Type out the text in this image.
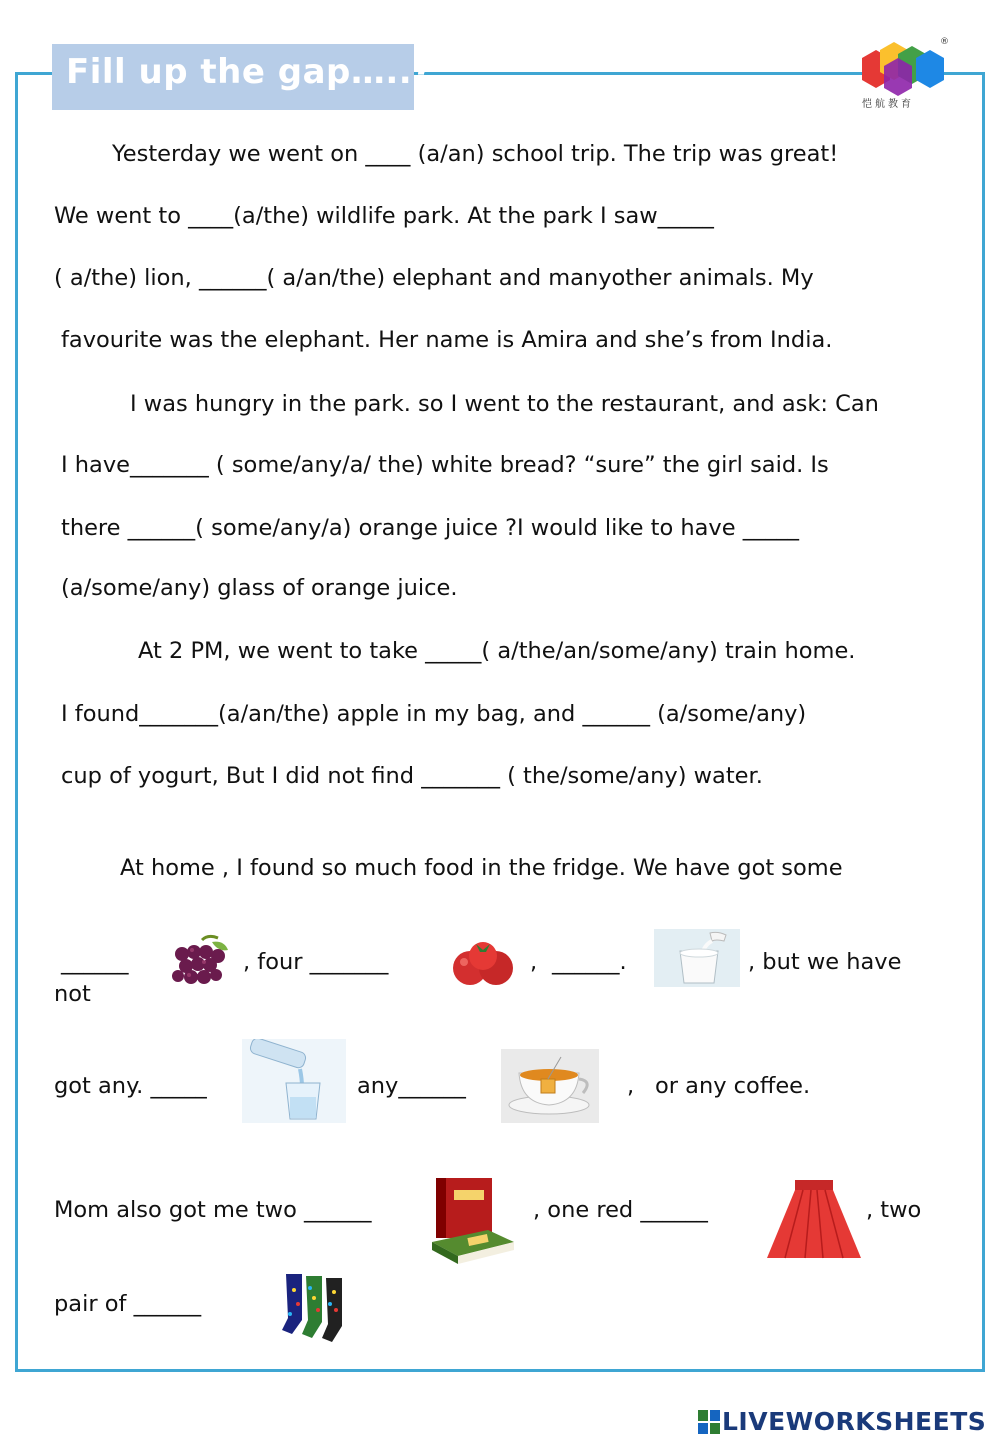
Fill up the gap…..?
®
恺航教育
Yesterday we went on ____ (a/an) school trip. The trip was great!
We went to ____(a/the) wildlife park. At the park I saw_____
( a/the) lion, ______( a/an/the) elephant and manyother animals. My
favourite was the elephant. Her name is Amira and she’s from India.
I was hungry in the park. so I went to the restaurant, and ask: Can
I have_______ ( some/any/a/ the) white bread? “sure” the girl said. Is
there ______( some/any/a) orange juice ?I would like to have _____
(a/some/any) glass of orange juice.
At 2 PM, we went to take _____( a/the/an/some/any) train home.
I found_______(a/an/the) apple in my bag, and ______ (a/some/any)
cup of yogurt, But I did not find _______ ( the/some/any) water.
At home , I found so much food in the fridge. We have got some
______	, four _______	, ______.	, but we have
not
got any. _____	any______	, or any coffee.
Mom also got me two ______	, one red ______	, two
pair of ______
LIVEWORKSHEETS
